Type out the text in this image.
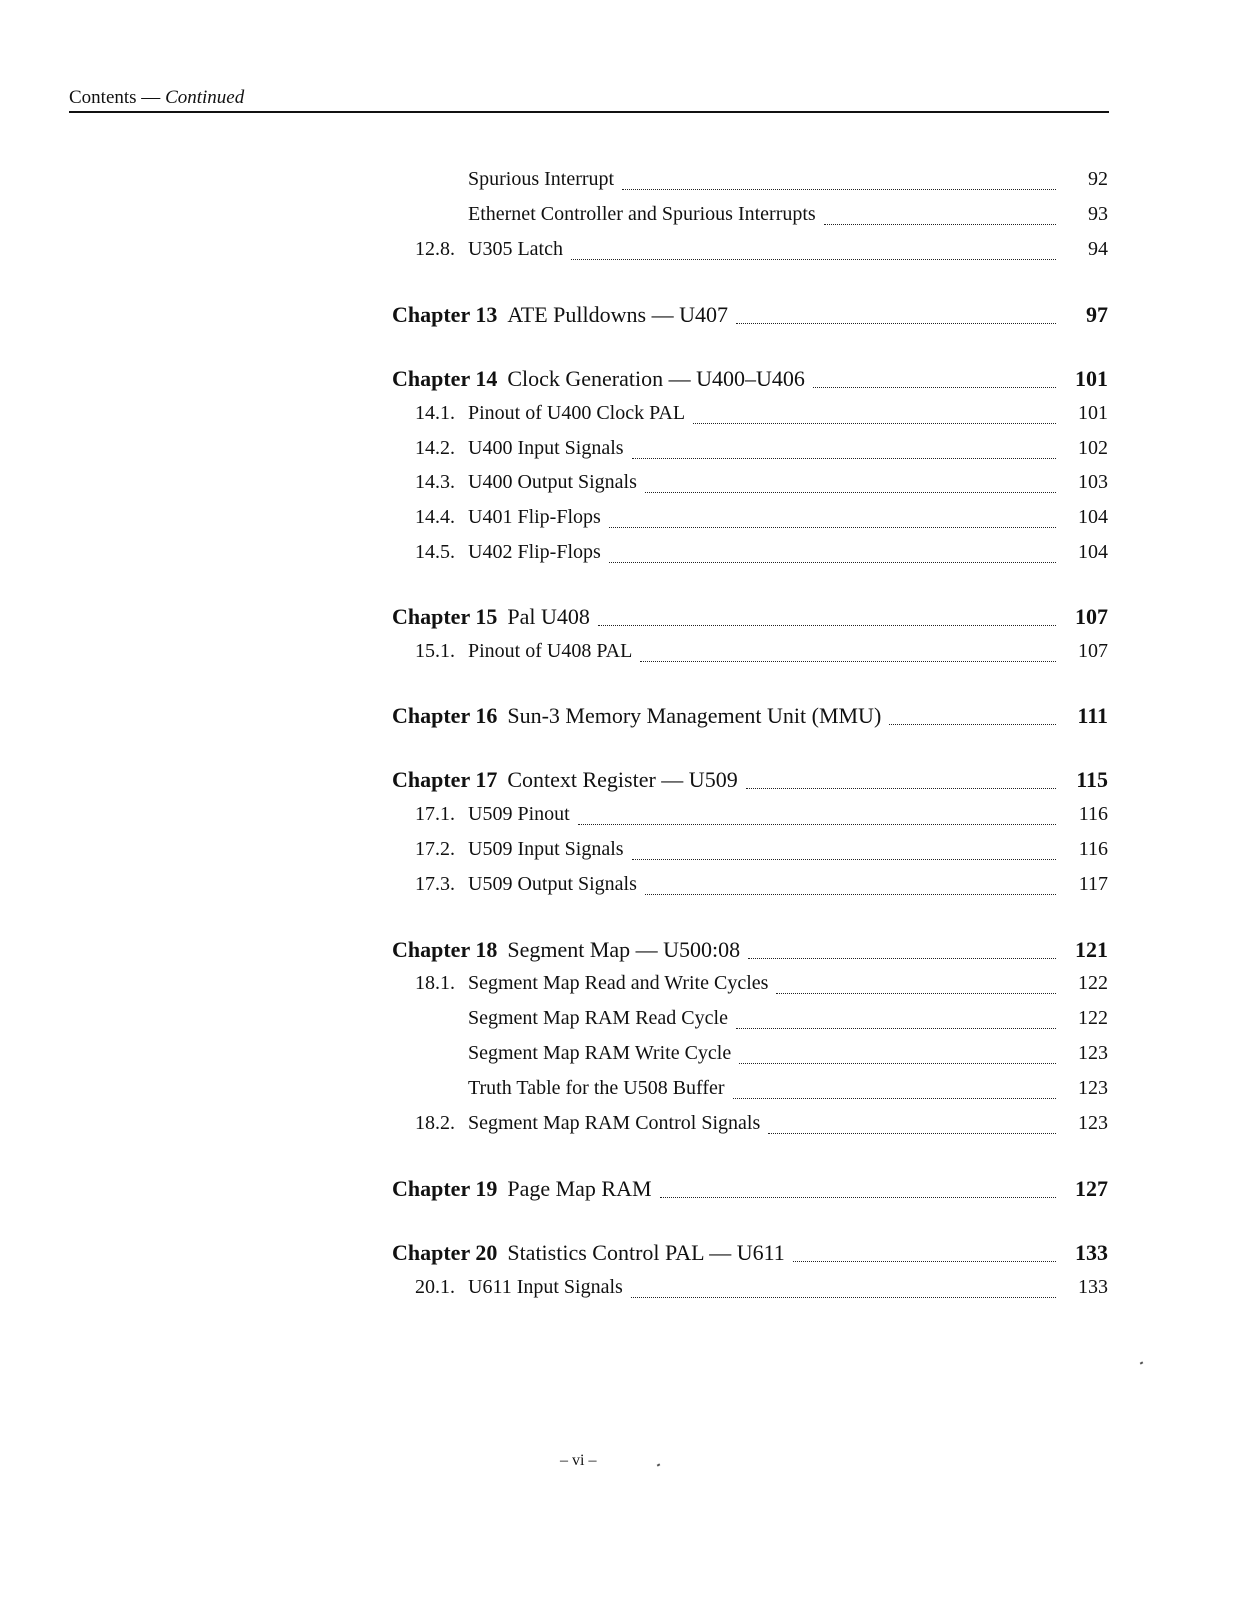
Contents — Continued
Spurious Interrupt	92
Ethernet Controller and Spurious Interrupts	93
12.8. U305 Latch	94
Chapter 13 ATE Pulldowns — U407	97
Chapter 14 Clock Generation — U400–U406	101
14.1. Pinout of U400 Clock PAL	101
14.2. U400 Input Signals	102
14.3. U400 Output Signals	103
14.4. U401 Flip-Flops	104
14.5. U402 Flip-Flops	104
Chapter 15 Pal U408	107
15.1. Pinout of U408 PAL	107
Chapter 16 Sun-3 Memory Management Unit (MMU)	111
Chapter 17 Context Register — U509	115
17.1. U509 Pinout	116
17.2. U509 Input Signals	116
17.3. U509 Output Signals	117
Chapter 18 Segment Map — U500:08	121
18.1. Segment Map Read and Write Cycles	122
Segment Map RAM Read Cycle	122
Segment Map RAM Write Cycle	123
Truth Table for the U508 Buffer	123
18.2. Segment Map RAM Control Signals	123
Chapter 19 Page Map RAM	127
Chapter 20 Statistics Control PAL — U611	133
20.1. U611 Input Signals	133
– vi –
